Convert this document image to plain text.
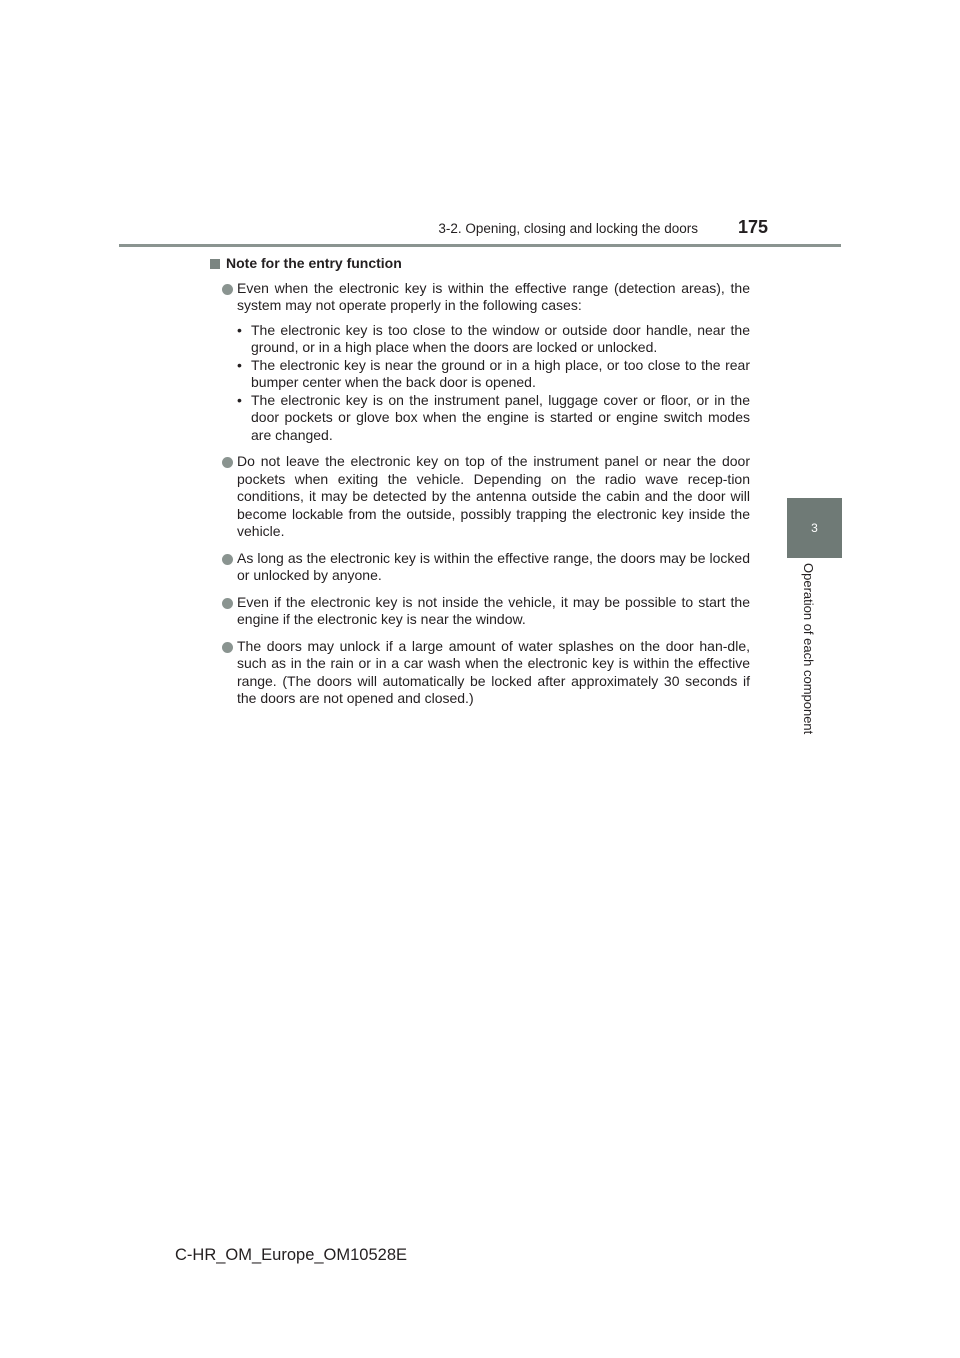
3-2. Opening, closing and locking the doors 175
3
Operation of each component
Note for the entry function
Even when the electronic key is within the effective range (detection areas), the system may not operate properly in the following cases:
• The electronic key is too close to the window or outside door handle, near the ground, or in a high place when the doors are locked or unlocked.
• The electronic key is near the ground or in a high place, or too close to the rear bumper center when the back door is opened.
• The electronic key is on the instrument panel, luggage cover or floor, or in the door pockets or glove box when the engine is started or engine switch modes are changed.
Do not leave the electronic key on top of the instrument panel or near the door pockets when exiting the vehicle. Depending on the radio wave recep-tion conditions, it may be detected by the antenna outside the cabin and the door will become lockable from the outside, possibly trapping the electronic key inside the vehicle.
As long as the electronic key is within the effective range, the doors may be locked or unlocked by anyone.
Even if the electronic key is not inside the vehicle, it may be possible to start the engine if the electronic key is near the window.
The doors may unlock if a large amount of water splashes on the door han-dle, such as in the rain or in a car wash when the electronic key is within the effective range. (The doors will automatically be locked after approximately 30 seconds if the doors are not opened and closed.)
C-HR_OM_Europe_OM10528E
